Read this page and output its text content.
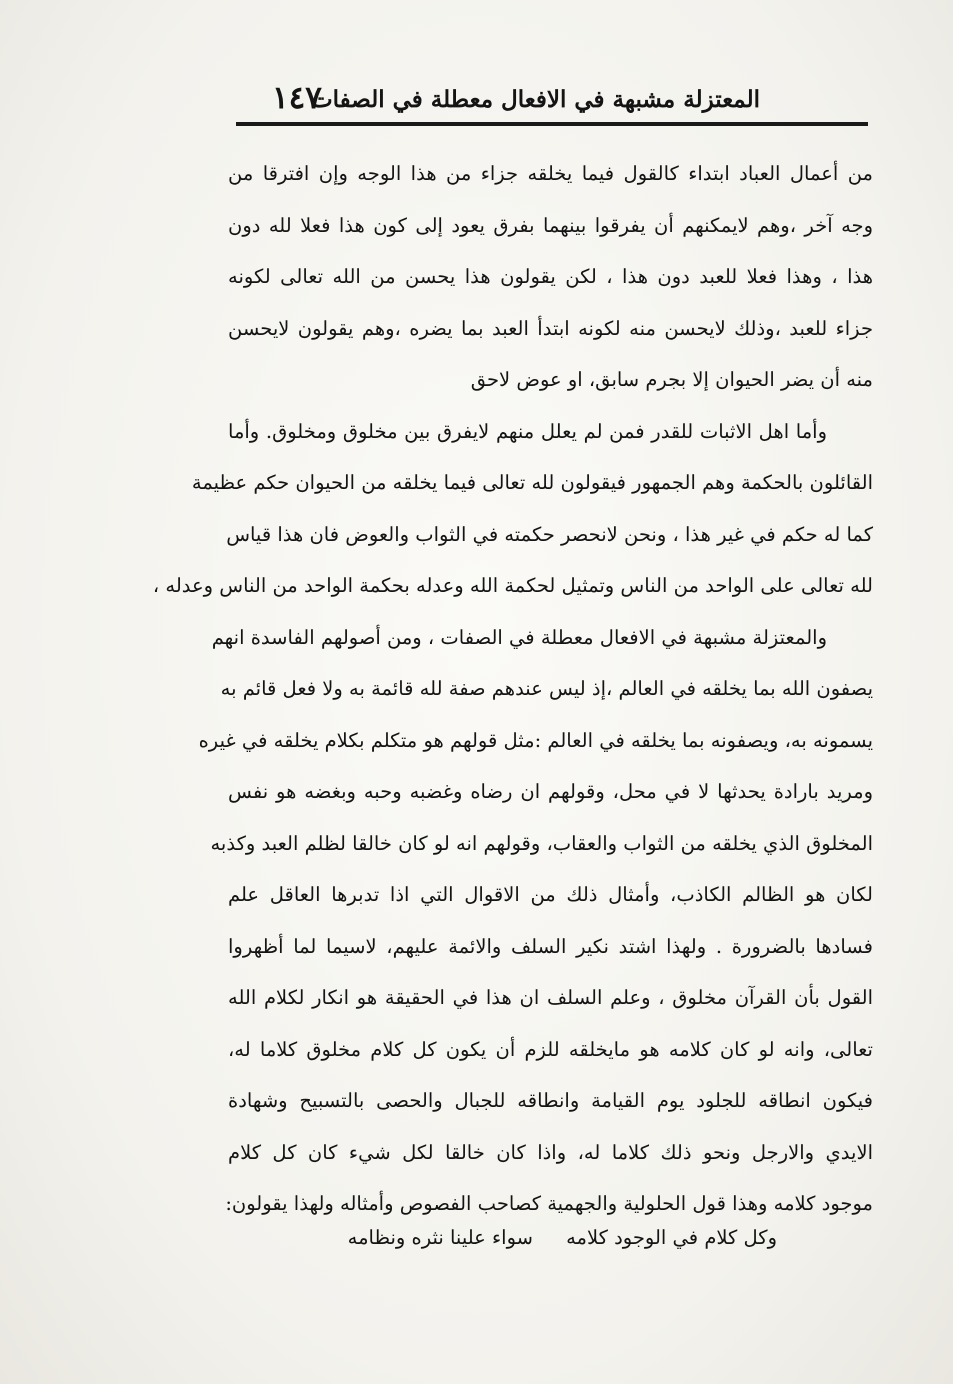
المعتزلة مشبهة في الافعال معطلة في الصفات
١٤٧
من أعمال العباد ابتداء كالقول فيما يخلقه جزاء من هذا الوجه وإن افترقا من
وجه آخر ،وهم لايمكنهم أن يفرقوا بينهما بفرق يعود إلى كون هذا فعلا لله دون
هذا ، وهذا فعلا للعبد دون هذا ، لكن يقولون هذا يحسن من الله تعالى لكونه
جزاء للعبد ،وذلك لايحسن منه لكونه ابتدأ العبد بما يضره ،وهم يقولون لايحسن
منه أن يضر الحيوان إلا بجرم سابق، او عوض لاحق
وأما اهل الاثبات للقدر فمن لم يعلل منهم لايفرق بين مخلوق ومخلوق. وأما
القائلون بالحكمة وهم الجمهور فيقولون لله تعالى فيما يخلقه من الحيوان حكم عظيمة
كما له حكم في غير هذا ، ونحن لانحصر حكمته في الثواب والعوض فان هذا قياس
لله تعالى على الواحد من الناس وتمثيل لحكمة الله وعدله بحكمة الواحد من الناس وعدله ،
والمعتزلة مشبهة في الافعال معطلة في الصفات ، ومن أصولهم الفاسدة انهم
يصفون الله بما يخلقه في العالم ،إذ ليس عندهم صفة لله قائمة به ولا فعل قائم به
يسمونه به، ويصفونه بما يخلقه في العالم :مثل قولهم هو متكلم بكلام يخلقه في غيره
ومريد بارادة يحدثها لا في محل، وقولهم ان رضاه وغضبه وحبه وبغضه هو نفس
المخلوق الذي يخلقه من الثواب والعقاب، وقولهم انه لو كان خالقا لظلم العبد وكذبه
لكان هو الظالم الكاذب، وأمثال ذلك من الاقوال التي اذا تدبرها العاقل علم
فسادها بالضرورة . ولهذا اشتد نكير السلف والائمة عليهم، لاسيما لما أظهروا
القول بأن القرآن مخلوق ، وعلم السلف ان هذا في الحقيقة هو انكار لكلام الله
تعالى، وانه لو كان كلامه هو مايخلقه للزم أن يكون كل كلام مخلوق كلاما له،
فيكون انطاقه للجلود يوم القيامة وانطاقه للجبال والحصى بالتسبيح وشهادة
الايدي والارجل ونحو ذلك كلاما له، واذا كان خالقا لكل شيء كان كل كلام
موجود كلامه وهذا قول الحلولية والجهمية كصاحب الفصوص وأمثاله ولهذا يقولون:
وكل كلام في الوجود كلامه
سواء علينا نثره ونظامه
